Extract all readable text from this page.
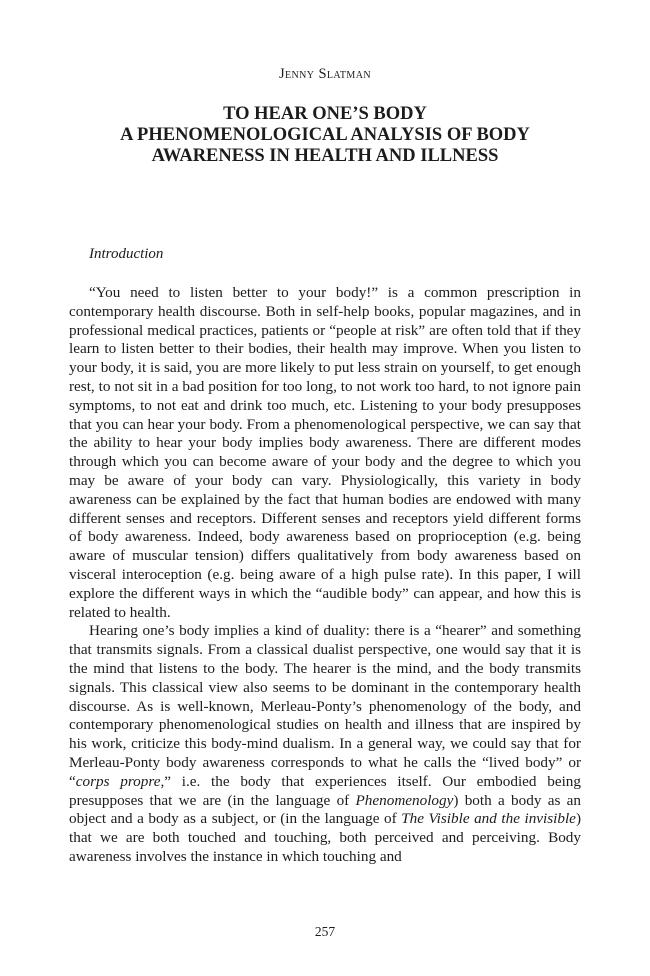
Jenny Slatman
TO HEAR ONE’S BODY
A PHENOMENOLOGICAL ANALYSIS OF BODY
AWARENESS IN HEALTH AND ILLNESS
Introduction

“You need to listen better to your body!” is a common prescription in contemporary health discourse. Both in self-help books, popular magazines, and in professional medical practices, patients or “people at risk” are often told that if they learn to listen better to their bodies, their health may improve. When you listen to your body, it is said, you are more likely to put less strain on yourself, to get enough rest, to not sit in a bad position for too long, to not work too hard, to not ignore pain symptoms, to not eat and drink too much, etc. Listening to your body presupposes that you can hear your body. From a phenomenological perspective, we can say that the ability to hear your body implies body awareness. There are different modes through which you can become aware of your body and the degree to which you may be aware of your body can vary. Physiologically, this variety in body awareness can be explained by the fact that human bodies are endowed with many different senses and receptors. Different senses and receptors yield different forms of body awareness. Indeed, body awareness based on proprioception (e.g. being aware of muscular tension) differs qualitatively from body awareness based on visceral interoception (e.g. being aware of a high pulse rate). In this paper, I will explore the different ways in which the “audible body” can appear, and how this is related to health.

Hearing one’s body implies a kind of duality: there is a “hearer” and something that transmits signals. From a classical dualist perspective, one would say that it is the mind that listens to the body. The hearer is the mind, and the body transmits signals. This classical view also seems to be dominant in the contemporary health discourse. As is well-known, Merleau-Ponty’s phenomenology of the body, and contemporary phenomenological studies on health and illness that are inspired by his work, criticize this body-mind dualism. In a general way, we could say that for Merleau-Ponty body awareness corresponds to what he calls the “lived body” or “corps propre,” i.e. the body that experiences itself. Our embodied being presupposes that we are (in the language of Phenomenology) both a body as an object and a body as a subject, or (in the language of The Visible and the invisible) that we are both touched and touching, both perceived and perceiving. Body awareness involves the instance in which touching and

257
